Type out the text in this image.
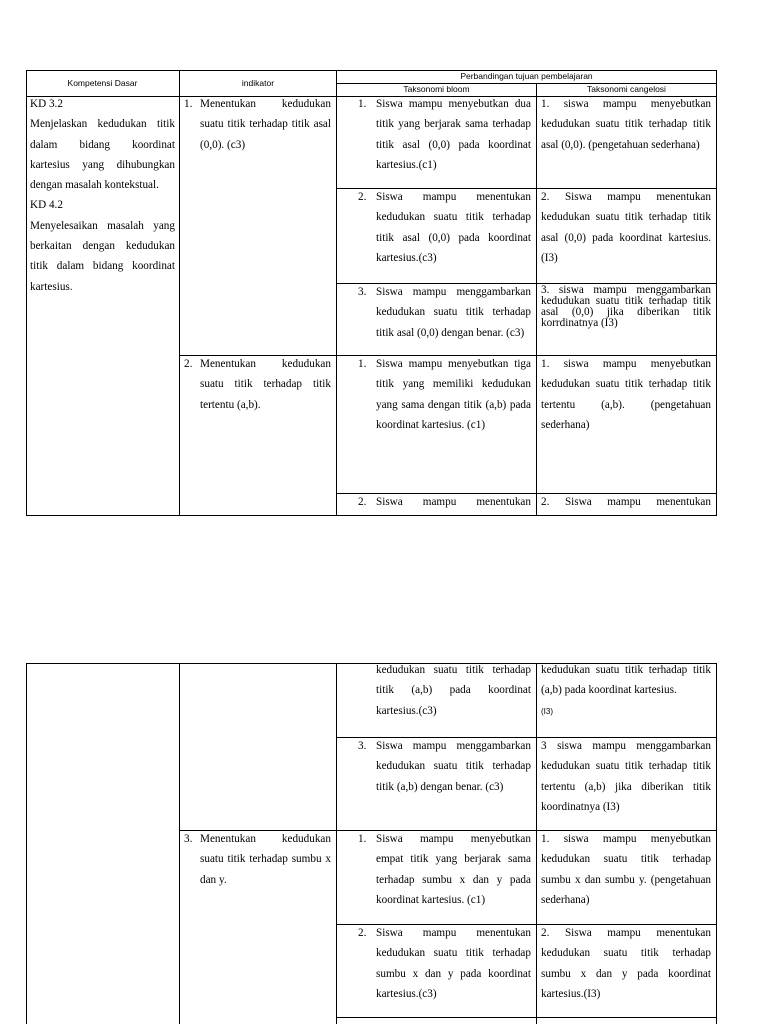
Kompetensi Dasar	indikator
Perbandingan tujuan pembelajaran
Taksonomi bloom	Taksonomi cangelosi
KD 3.2
Menjelaskan kedudukan titik dalam bidang koordinat kartesius yang dihubungkan dengan masalah kontekstual.
KD 4.2
Menyelesaikan masalah yang berkaitan dengan kedudukan titik dalam bidang koordinat kartesius.
1. Menentukan kedudukan suatu titik terhadap titik asal (0,0). (c3)
2. Menentukan kedudukan suatu titik terhadap titik tertentu (a,b).
1. Siswa mampu menyebutkan dua titik yang berjarak sama terhadap titik asal (0,0) pada koordinat kartesius.(c1)
1. siswa mampu menyebutkan kedudukan suatu titik terhadap titik asal (0,0). (pengetahuan sederhana)
2. Siswa mampu menentukan kedudukan suatu titik terhadap titik asal (0,0) pada koordinat kartesius.(c3)
2. Siswa mampu menentukan kedudukan suatu titik terhadap titik asal (0,0) pada koordinat kartesius. (I3)
3. Siswa mampu menggambarkan kedudukan suatu titik terhadap titik asal (0,0) dengan benar. (c3)
3. siswa mampu menggambarkan kedudukan suatu titik terhadap titik asal (0,0) jika diberikan titik korrdinatnya (I3)
1. Siswa mampu menyebutkan tiga titik yang memiliki kedudukan yang sama dengan titik (a,b) pada koordinat kartesius. (c1)
1. siswa mampu menyebutkan kedudukan suatu titik terhadap titik tertentu (a,b). (pengetahuan sederhana)
2. Siswa mampu menentukan 2. Siswa mampu menentukan
3. Menentukan kedudukan suatu titik terhadap sumbu x dan y.
kedudukan suatu titik terhadap titik (a,b) pada koordinat kartesius.(c3)
kedudukan suatu titik terhadap titik (a,b) pada koordinat kartesius.
(I3)
3. Siswa mampu menggambarkan kedudukan suatu titik terhadap titik (a,b) dengan benar. (c3)
3 siswa mampu menggambarkan kedudukan suatu titik terhadap titik tertentu (a,b) jika diberikan titik koordinatnya (I3)
1. Siswa mampu menyebutkan empat titik yang berjarak sama terhadap sumbu x dan y pada koordinat kartesius. (c1)
1. siswa mampu menyebutkan kedudukan suatu titik terhadap sumbu x dan sumbu y. (pengetahuan sederhana)
2. Siswa mampu menentukan kedudukan suatu titik terhadap sumbu x dan y pada koordinat kartesius.(c3)
2. Siswa mampu menentukan kedudukan suatu titik terhadap sumbu x dan y pada koordinat kartesius.(I3)
